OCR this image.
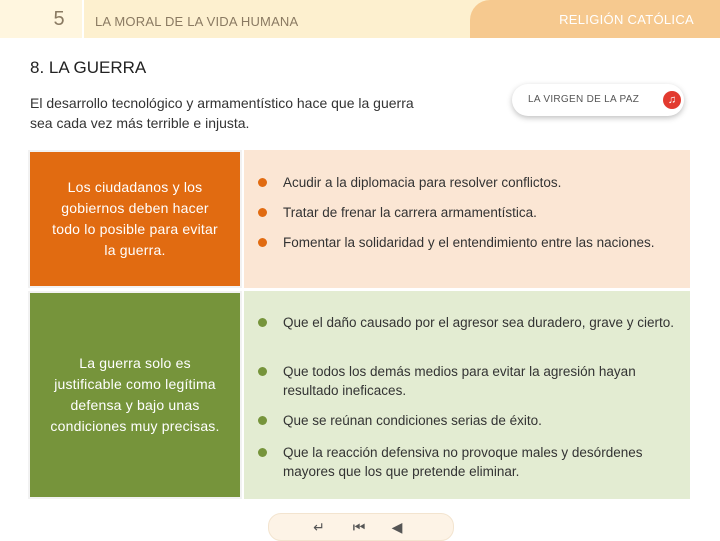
5	LA MORAL DE LA VIDA HUMANA	RELIGIÓN CATÓLICA
8. LA GUERRA
El desarrollo tecnológico y armamentístico hace que la guerra sea cada vez más terrible e injusta.
LA VIRGEN DE LA PAZ	♫
Los ciudadanos y los gobiernos deben hacer todo lo posible para evitar la guerra.
Acudir a la diplomacia para resolver conflictos.
Tratar de frenar la carrera armamentística.
Fomentar la solidaridad y el entendimiento entre las naciones.
La guerra solo es justificable como legítima defensa y bajo unas condiciones muy precisas.
Que el daño causado por el agresor sea duradero, grave y cierto.
Que todos los demás medios para evitar la agresión hayan resultado ineficaces.
Que se reúnan condiciones serias de éxito.
Que la reacción defensiva no provoque males y desórdenes mayores que los que pretende eliminar.
↵ ⏮	◀
